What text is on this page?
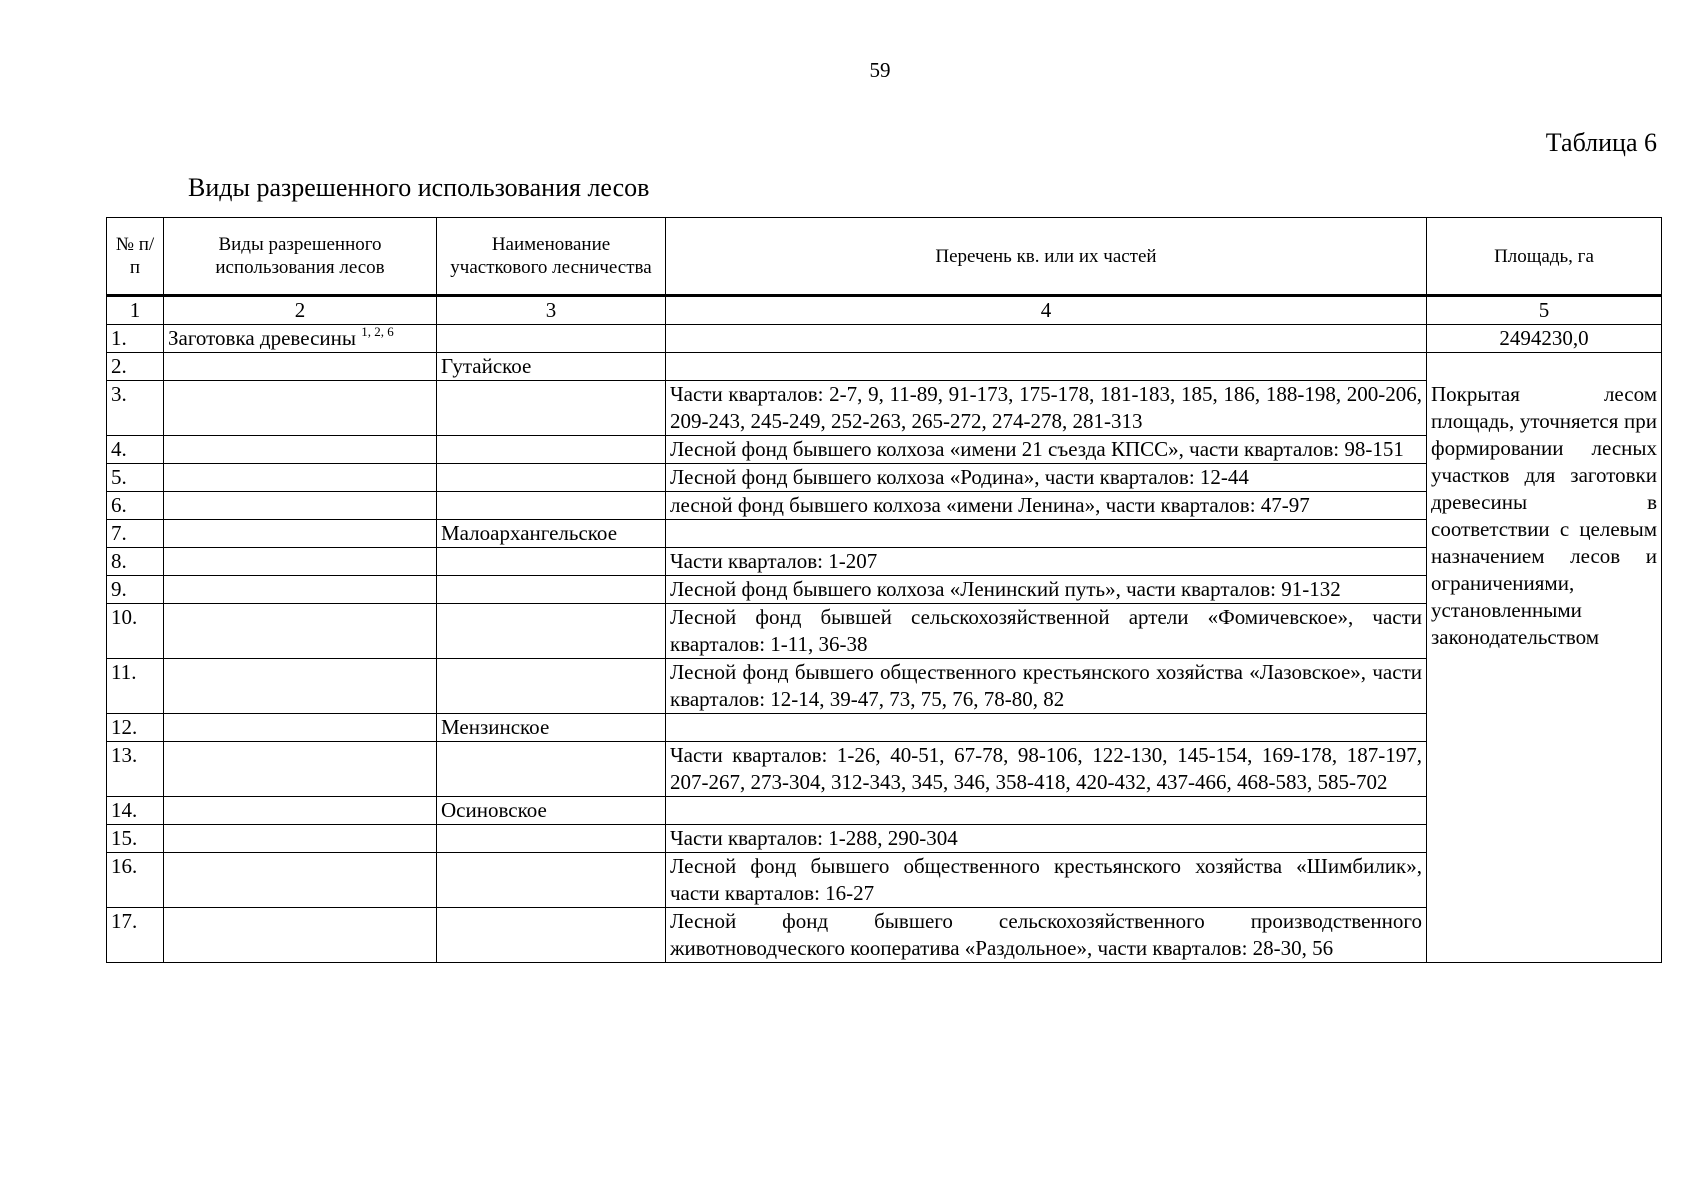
59
Таблица 6
Виды разрешенного использования лесов
№ п/п	Виды разрешенного использования лесов	Наименование участкового лесничества	Перечень кв. или их частей	Площадь, га
1	2	3	4	5
1.	Заготовка древесины $^{1, 2, 6}$			2494230,0
2.		Гутайское		Покрытая лесом площадь, уточняется при формировании лесных участков для заготовки древесины в соответствии с целевым назначением лесов и ограничениями, установленными законодательством

3.			Части кварталов: 2-7, 9, 11-89, 91-173, 175-178, 181-183, 185, 186, 188-198, 200-206, 209-243, 245-249, 252-263, 265-272, 274-278, 281-313	
4.			Лесной фонд бывшего колхоза «имени 21 съезда КПСС», части кварталов: 98-151	
5.			Лесной фонд бывшего колхоза «Родина», части кварталов: 12-44	
6.			лесной фонд бывшего колхоза «имени Ленина», части кварталов: 47-97	
7.		Малоархангельское		
8.			Части кварталов: 1-207	
9.			Лесной фонд бывшего колхоза «Ленинский путь», части кварталов: 91-132	
10.			Лесной фонд бывшей сельскохозяйственной артели «Фомичевское», части кварталов: 1-11, 36-38	
11.			Лесной фонд бывшего общественного крестьянского хозяйства «Лазовское», части кварталов: 12-14, 39-47, 73, 75, 76, 78-80, 82	
12.		Мензинское		
13.			Части кварталов: 1-26, 40-51, 67-78, 98-106, 122-130, 145-154, 169-178, 187-197, 207-267, 273-304, 312-343, 345, 346, 358-418, 420-432, 437-466, 468-583, 585-702	
14.		Осиновское		
15.			Части кварталов: 1-288, 290-304	
16.			Лесной фонд бывшего общественного крестьянского хозяйства «Шимбилик», части кварталов: 16-27	
17.			Лесной фонд бывшего сельскохозяйственного производственного животноводческого кооператива «Раздольное», части кварталов: 28-30, 56	
